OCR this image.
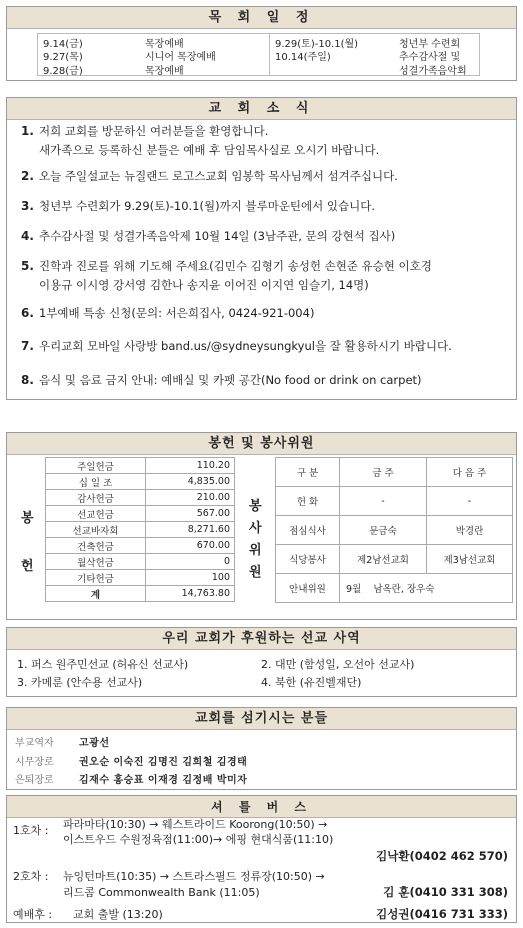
목 회 일 정
9.14(금)	목장예배
9.27(목)	시니어 목장예배
9.28(금)	목장예배
9.29(토)-10.1(월)	청년부 수련회
10.14(주일)	추수감사절 및
성결가족음악회
교 회 소 식
1. 저희 교회를 방문하신 여러분들을 환영합니다.
새가족으로 등록하신 분들은 예배 후 담임목사실로 오시기 바랍니다.
2. 오늘 주일설교는 뉴질랜드 로고스교회 임봉학 목사님께서 섬겨주십니다.
3. 청년부 수련회가 9.29(토)-10.1(월)까지 블루마운틴에서 있습니다.
4. 추수감사절 및 성결가족음악제 10월 14일 (3남주관, 문의 강현석 집사)
5. 진학과 진로를 위해 기도해 주세요(김민수 김형기 송성헌 손현준 유승현 이호경
이용규 이시영 강서영 김한나 송지윤 이어진 이지연 임슬기, 14명)
6. 1부예배 특송 신청(문의: 서은희집사, 0424-921-004)
7. 우리교회 모바일 사랑방 band.us/@sydneysungkyul을 잘 활용하시기 바랍니다.
8. 음식 및 음료 금지 안내: 예배실 및 카펫 공간(No food or drink on carpet)
봉헌 및 봉사위원
봉
헌
주일헌금	110.20
십 일 조	4,835.00
감사헌금	210.00
선교헌금	567.00
선교바자회	8,271.60
건축헌금	670.00
월삭헌금	0
기타헌금	100
계	14,763.80
봉
사
위
원
구 분	금 주	다 음 주
헌 화	-	-
점심식사	문금숙	박경란
식당봉사	제2남선교회	제3남선교회
안내위원	9월 남옥란, 장우숙	
우리 교회가 후원하는 선교 사역
1. 퍼스 원주민선교 (허유신 선교사)	2. 대만 (함성일, 오선아 선교사)
3. 카메룬 (안수용 선교사)	4. 북한 (유진벨재단)
교회를 섬기시는 분들
부교역자	고광선
시무장로	권오순 이숙진 김명진 김희철 김경태
은퇴장로	김재수 홍승표 이재경 김정배 박미자
셔 틀 버 스
1호차 : 파라마타(10:30) → 웨스트라이드 Koorong(10:50) →
이스트우드 수원정육점(11:00)→ 에핑 현대식품(11:10)
김낙환(0402 462 570)
2호차 : 뉴잉턴마트(10:35) → 스트라스필드 정류장(10:50) →
리드콤 Commonwealth Bank (11:05)	김 훈(0410 331 308)
예배후 : 교회 출발 (13:20)	김성권(0416 731 333)
